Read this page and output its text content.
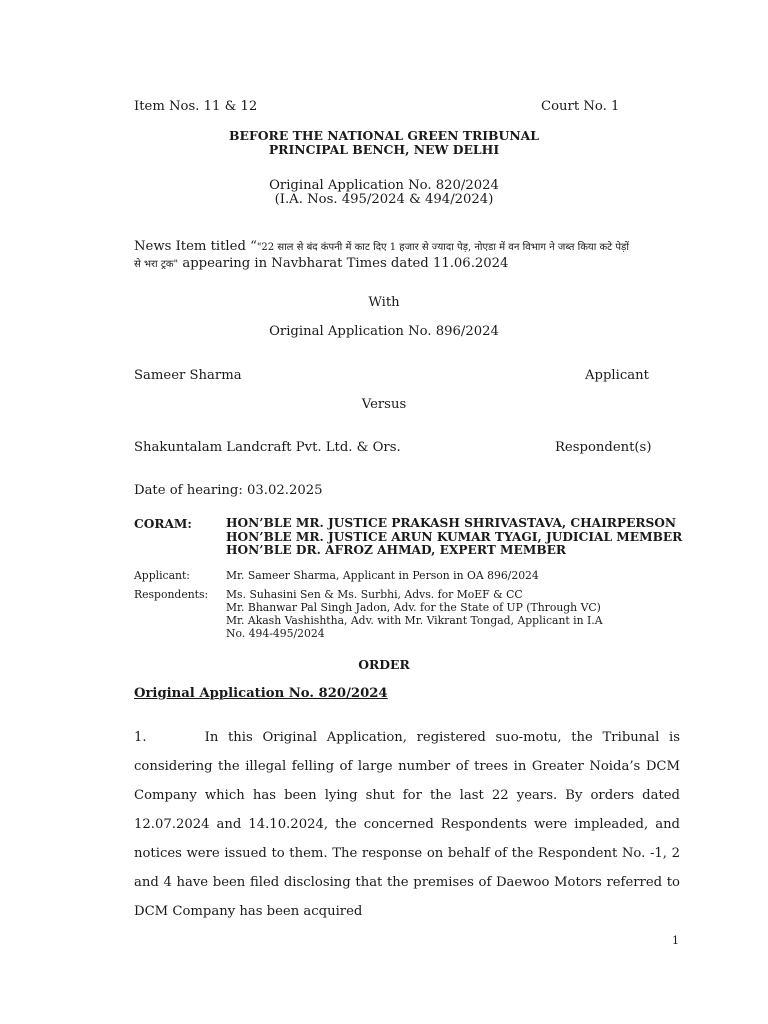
Item Nos. 11 & 12	Court No. 1
BEFORE THE NATIONAL GREEN TRIBUNAL
PRINCIPAL BENCH, NEW DELHI
Original Application No. 820/2024
(I.A. Nos. 495/2024 & 494/2024)
News Item titled “"22 साल से बंद कंपनी में काट दिए 1 हजार से ज्यादा पेड़, नोएडा में वन विभाग ने जब्त किया कटे पेड़ों
से भरा ट्रक" appearing in Navbharat Times dated 11.06.2024
With
Original Application No. 896/2024
Sameer Sharma	Applicant
Versus
Shakuntalam Landcraft Pvt. Ltd. & Ors.	Respondent(s)
Date of hearing: 03.02.2025
CORAM:	HON’BLE MR. JUSTICE PRAKASH SHRIVASTAVA, CHAIRPERSON
HON’BLE MR. JUSTICE ARUN KUMAR TYAGI, JUDICIAL MEMBER
HON’BLE DR. AFROZ AHMAD, EXPERT MEMBER
Applicant:	Mr. Sameer Sharma, Applicant in Person in OA 896/2024
Respondents: Ms. Suhasini Sen & Ms. Surbhi, Advs. for MoEF & CC
Mr. Bhanwar Pal Singh Jadon, Adv. for the State of UP (Through VC)
Mr. Akash Vashishtha, Adv. with Mr. Vikrant Tongad, Applicant in I.A
No. 494-495/2024
ORDER
Original Application No. 820/2024
1.      In this Original Application, registered suo-motu, the Tribunal is considering the illegal felling of large number of trees in Greater Noida’s DCM Company which has been lying shut for the last 22 years. By orders dated 12.07.2024 and 14.10.2024, the concerned Respondents were impleaded, and notices were issued to them. The response on behalf of the Respondent No. -1, 2 and 4 have been filed disclosing that the premises of Daewoo Motors referred to DCM Company has been acquired
1
